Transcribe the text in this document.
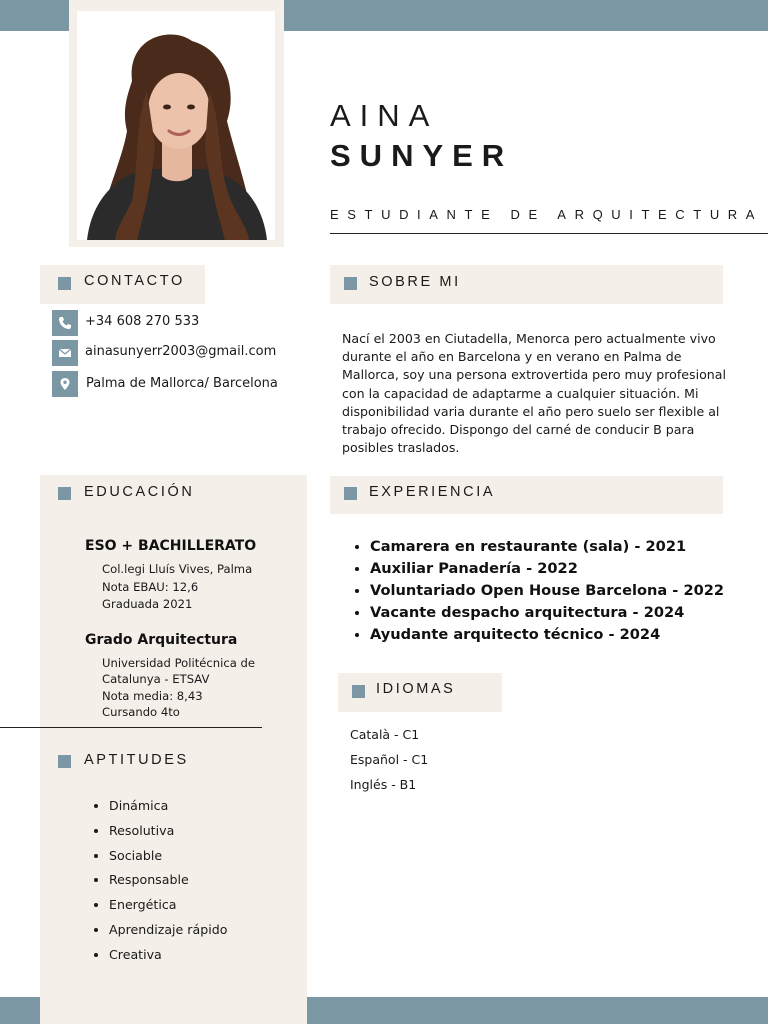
AINA
SUNYER
ESTUDIANTE DE ARQUITECTURA
CONTACTO
+34 608 270 533
ainasunyerr2003@gmail.com
Palma de Mallorca/ Barcelona
SOBRE MI
Nací el 2003 en Ciutadella, Menorca pero actualmente vivo durante el año en Barcelona y en verano en Palma de Mallorca, soy una persona extrovertida pero muy profesional con la capacidad de adaptarme a cualquier situación. Mi disponibilidad varia durante el año pero suelo ser flexible al trabajo ofrecido. Dispongo del carné de conducir B para posibles traslados.
EDUCACIÓN
ESO + BACHILLERATO
Col.legi Lluís Vives, Palma
Nota EBAU: 12,6
Graduada 2021
Grado Arquitectura
Universidad Politécnica de
Catalunya - ETSAV
Nota media: 8,43
Cursando 4to
EXPERIENCIA
• Camarera en restaurante (sala) - 2021
• Auxiliar Panadería - 2022
• Voluntariado Open House Barcelona - 2022
• Vacante despacho arquitectura - 2024
• Ayudante arquitecto técnico - 2024
IDIOMAS
Català - C1
Español - C1
Inglés - B1
APTITUDES
• Dinámica
• Resolutiva
• Sociable
• Responsable
• Energética
• Aprendizaje rápido
• Creativa
